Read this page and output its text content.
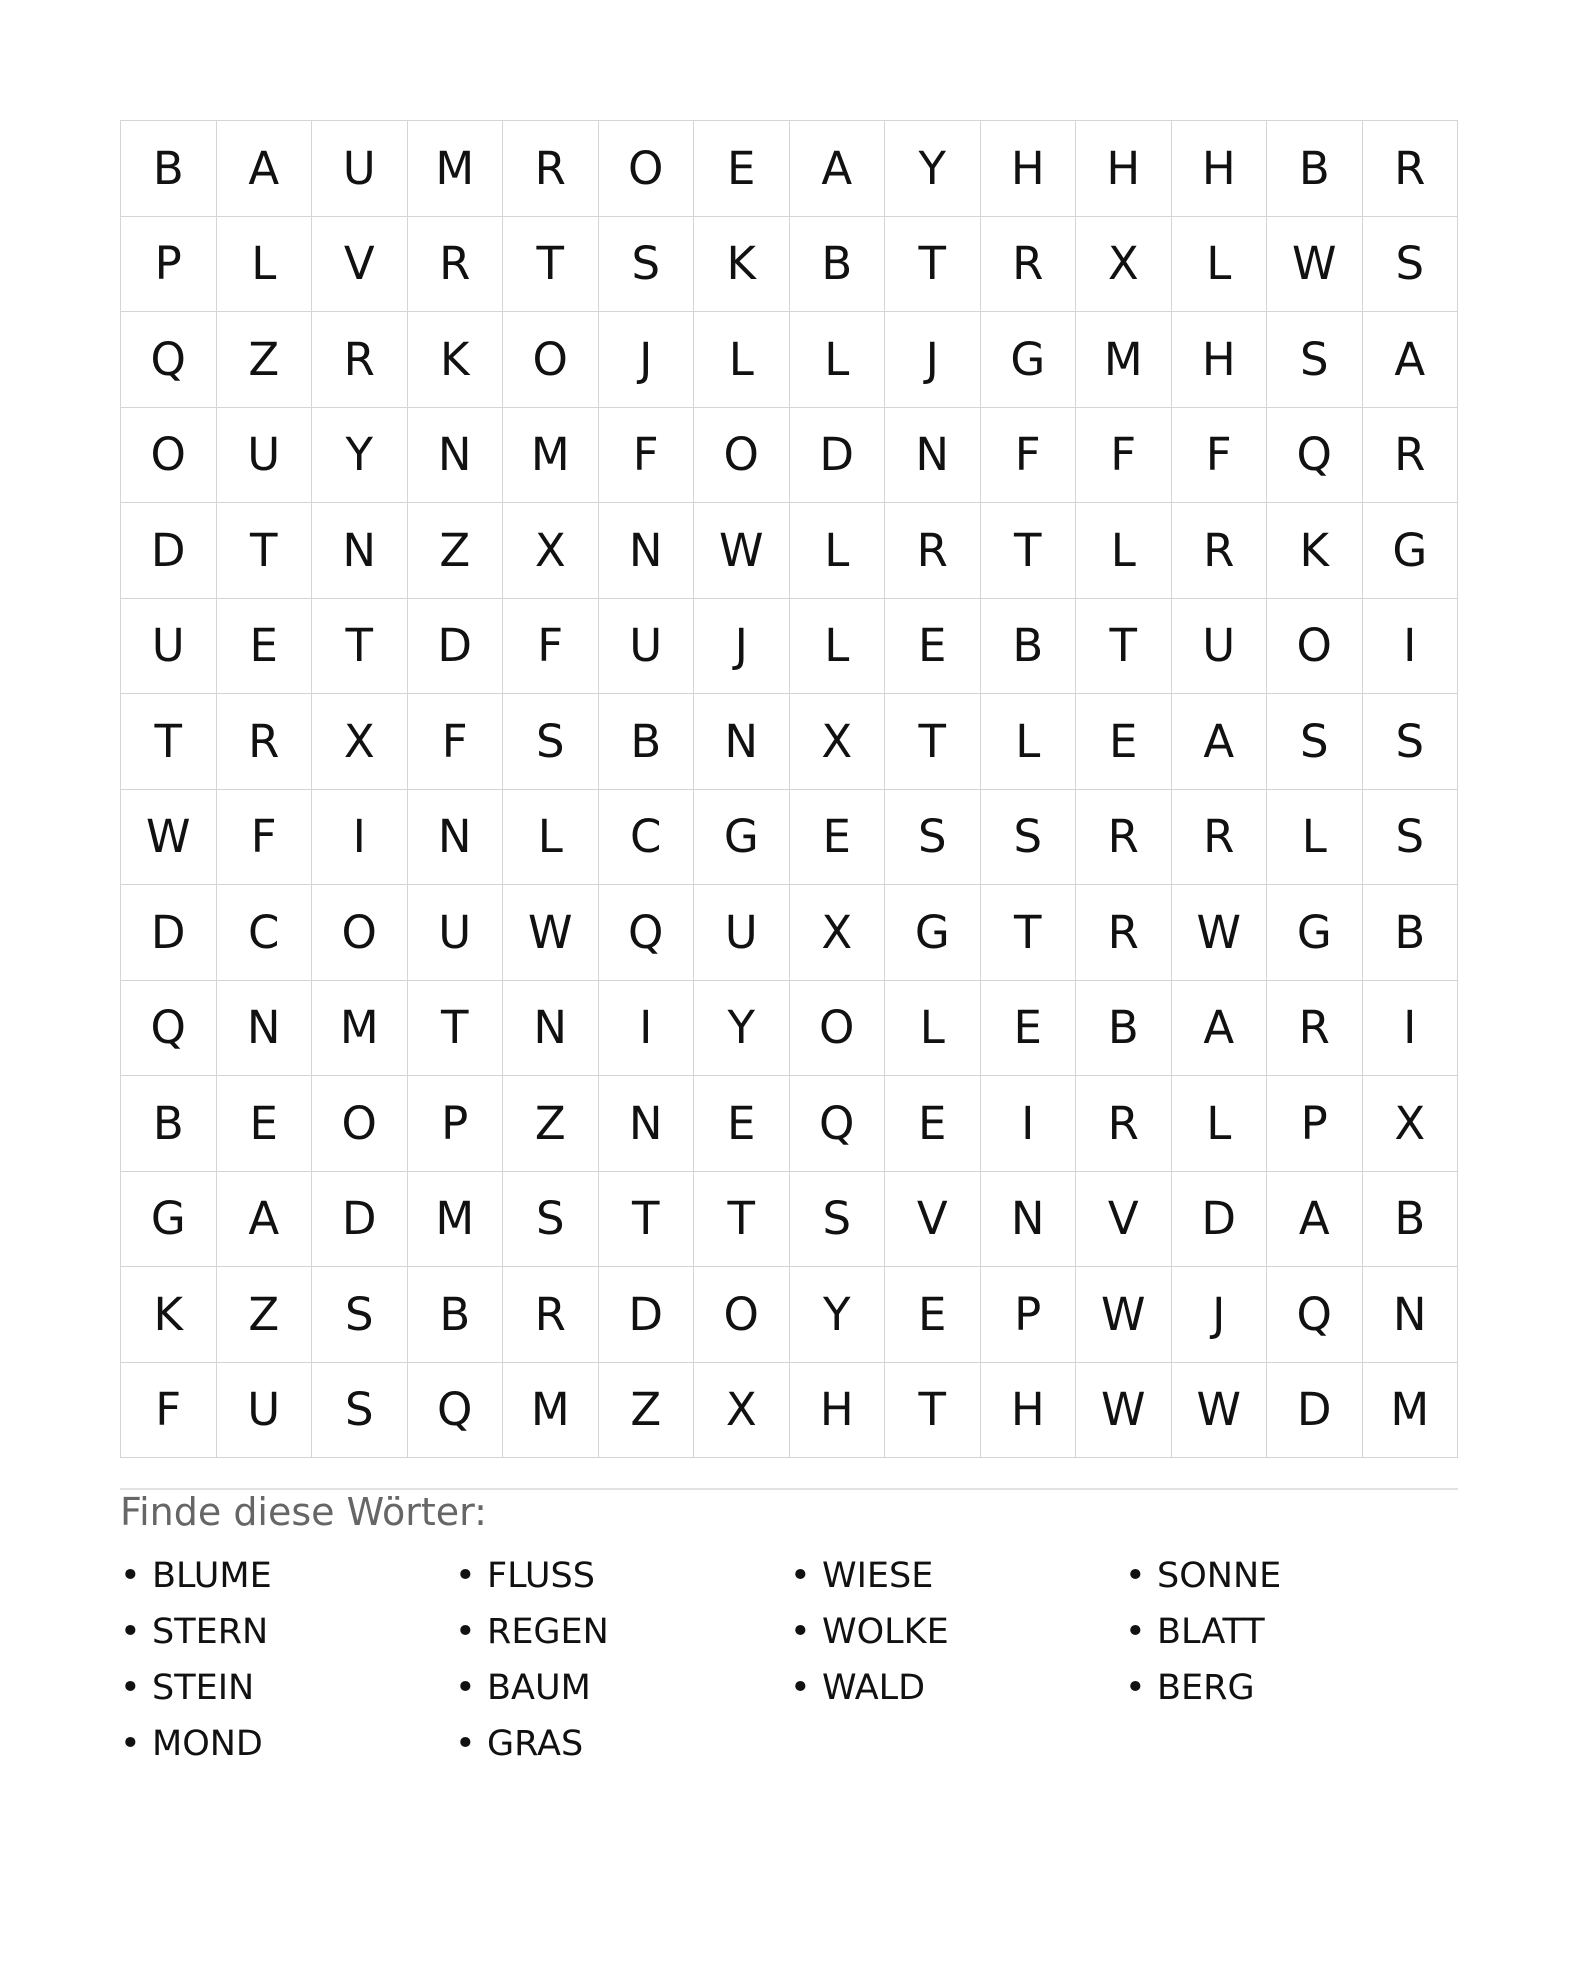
B	A	U	M	R	O	E	A	Y	H	H	H	B	R
P	L	V	R	T	S	K	B	T	R	X	L	W	S
Q	Z	R	K	O	J	L	L	J	G	M	H	S	A
O	U	Y	N	M	F	O	D	N	F	F	F	Q	R
D	T	N	Z	X	N	W	L	R	T	L	R	K	G
U	E	T	D	F	U	J	L	E	B	T	U	O	I
T	R	X	F	S	B	N	X	T	L	E	A	S	S
W	F	I	N	L	C	G	E	S	S	R	R	L	S
D	C	O	U	W	Q	U	X	G	T	R	W	G	B
Q	N	M	T	N	I	Y	O	L	E	B	A	R	I
B	E	O	P	Z	N	E	Q	E	I	R	L	P	X
G	A	D	M	S	T	T	S	V	N	V	D	A	B
K	Z	S	B	R	D	O	Y	E	P	W	J	Q	N
F	U	S	Q	M	Z	X	H	T	H	W	W	D	M
Finde diese Wörter:
• BLUME	• FLUSS	• WIESE	• SONNE
• STERN	• REGEN	• WOLKE	• BLATT
• STEIN	• BAUM	• WALD	• BERG
• MOND	• GRAS
